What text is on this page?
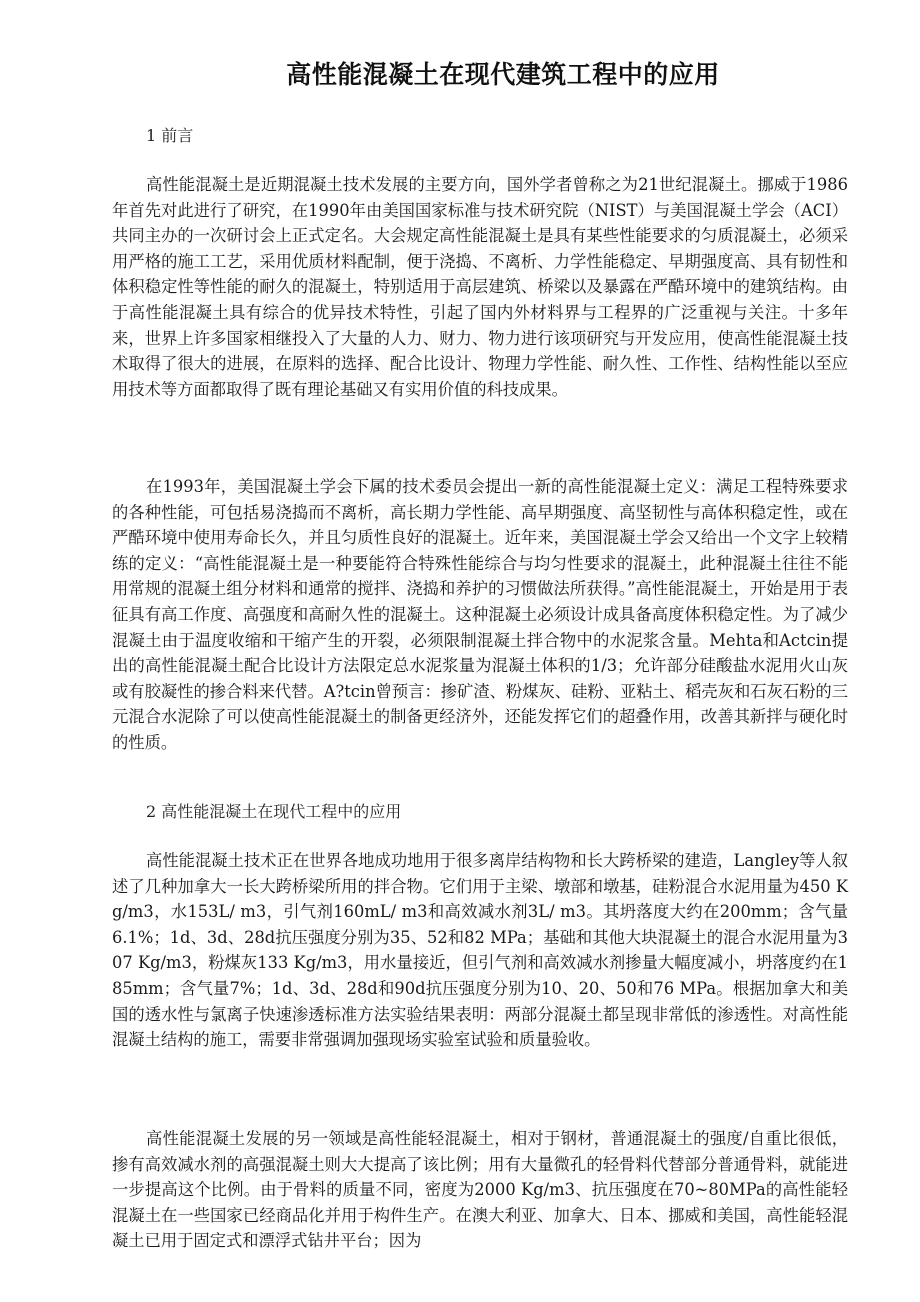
高性能混凝土在现代建筑工程中的应用
1 前言
高性能混凝土是近期混凝土技术发展的主要方向，国外学者曾称之为21世纪混凝土。挪威于1986年首先对此进行了研究，在1990年由美国国家标准与技术研究院（NIST）与美国混凝土学会（ACI）共同主办的一次研讨会上正式定名。大会规定高性能混凝土是具有某些性能要求的匀质混凝土，必须采用严格的施工工艺，采用优质材料配制，便于浇捣、不离析、力学性能稳定、早期强度高、具有韧性和体积稳定性等性能的耐久的混凝土，特别适用于高层建筑、桥梁以及暴露在严酷环境中的建筑结构。由于高性能混凝土具有综合的优异技术特性，引起了国内外材料界与工程界的广泛重视与关注。十多年来，世界上许多国家相继投入了大量的人力、财力、物力进行该项研究与开发应用，使高性能混凝土技术取得了很大的进展，在原料的选择、配合比设计、物理力学性能、耐久性、工作性、结构性能以至应用技术等方面都取得了既有理论基础又有实用价值的科技成果。
在1993年，美国混凝土学会下属的技术委员会提出一新的高性能混凝土定义：满足工程特殊要求的各种性能，可包括易浇捣而不离析，高长期力学性能、高早期强度、高坚韧性与高体积稳定性，或在严酷环境中使用寿命长久，并且匀质性良好的混凝土。近年来，美国混凝土学会又给出一个文字上较精练的定义：“高性能混凝土是一种要能符合特殊性能综合与均匀性要求的混凝土，此种混凝土往往不能用常规的混凝土组分材料和通常的搅拌、浇捣和养护的习惯做法所获得。”高性能混凝土，开始是用于表征具有高工作度、高强度和高耐久性的混凝土。这种混凝土必须设计成具备高度体积稳定性。为了减少混凝土由于温度收缩和干缩产生的开裂，必须限制混凝土拌合物中的水泥浆含量。Mehta和Actcin提出的高性能混凝土配合比设计方法限定总水泥浆量为混凝土体积的1/3；允许部分硅酸盐水泥用火山灰或有胶凝性的掺合料来代替。A?tcin曾预言：掺矿渣、粉煤灰、硅粉、亚粘土、稻壳灰和石灰石粉的三元混合水泥除了可以使高性能混凝土的制备更经济外，还能发挥它们的超叠作用，改善其新拌与硬化时的性质。
2 高性能混凝土在现代工程中的应用
高性能混凝土技术正在世界各地成功地用于很多离岸结构物和长大跨桥梁的建造，Langley等人叙述了几种加拿大一长大跨桥梁所用的拌合物。它们用于主梁、墩部和墩基，硅粉混合水泥用量为450 Kg/m3，水153L/ m3，引气剂160mL/ m3和高效减水剂3L/ m3。其坍落度大约在200mm；含气量6.1%；1d、3d、28d抗压强度分别为35、52和82 MPa；基础和其他大块混凝土的混合水泥用量为307 Kg/m3，粉煤灰133 Kg/m3，用水量接近，但引气剂和高效减水剂掺量大幅度减小，坍落度约在185mm；含气量7%；1d、3d、28d和90d抗压强度分别为10、20、50和76 MPa。根据加拿大和美国的透水性与氯离子快速渗透标准方法实验结果表明：两部分混凝土都呈现非常低的渗透性。对高性能混凝土结构的施工，需要非常强调加强现场实验室试验和质量验收。
高性能混凝土发展的另一领域是高性能轻混凝土，相对于钢材，普通混凝土的强度/自重比很低，掺有高效减水剂的高强混凝土则大大提高了该比例；用有大量微孔的轻骨料代替部分普通骨料，就能进一步提高这个比例。由于骨料的质量不同，密度为2000 Kg/m3、抗压强度在70~80MPa的高性能轻混凝土在一些国家已经商品化并用于构件生产。在澳大利亚、加拿大、日本、挪威和美国，高性能轻混凝土已用于固定式和漂浮式钻井平台；因为
